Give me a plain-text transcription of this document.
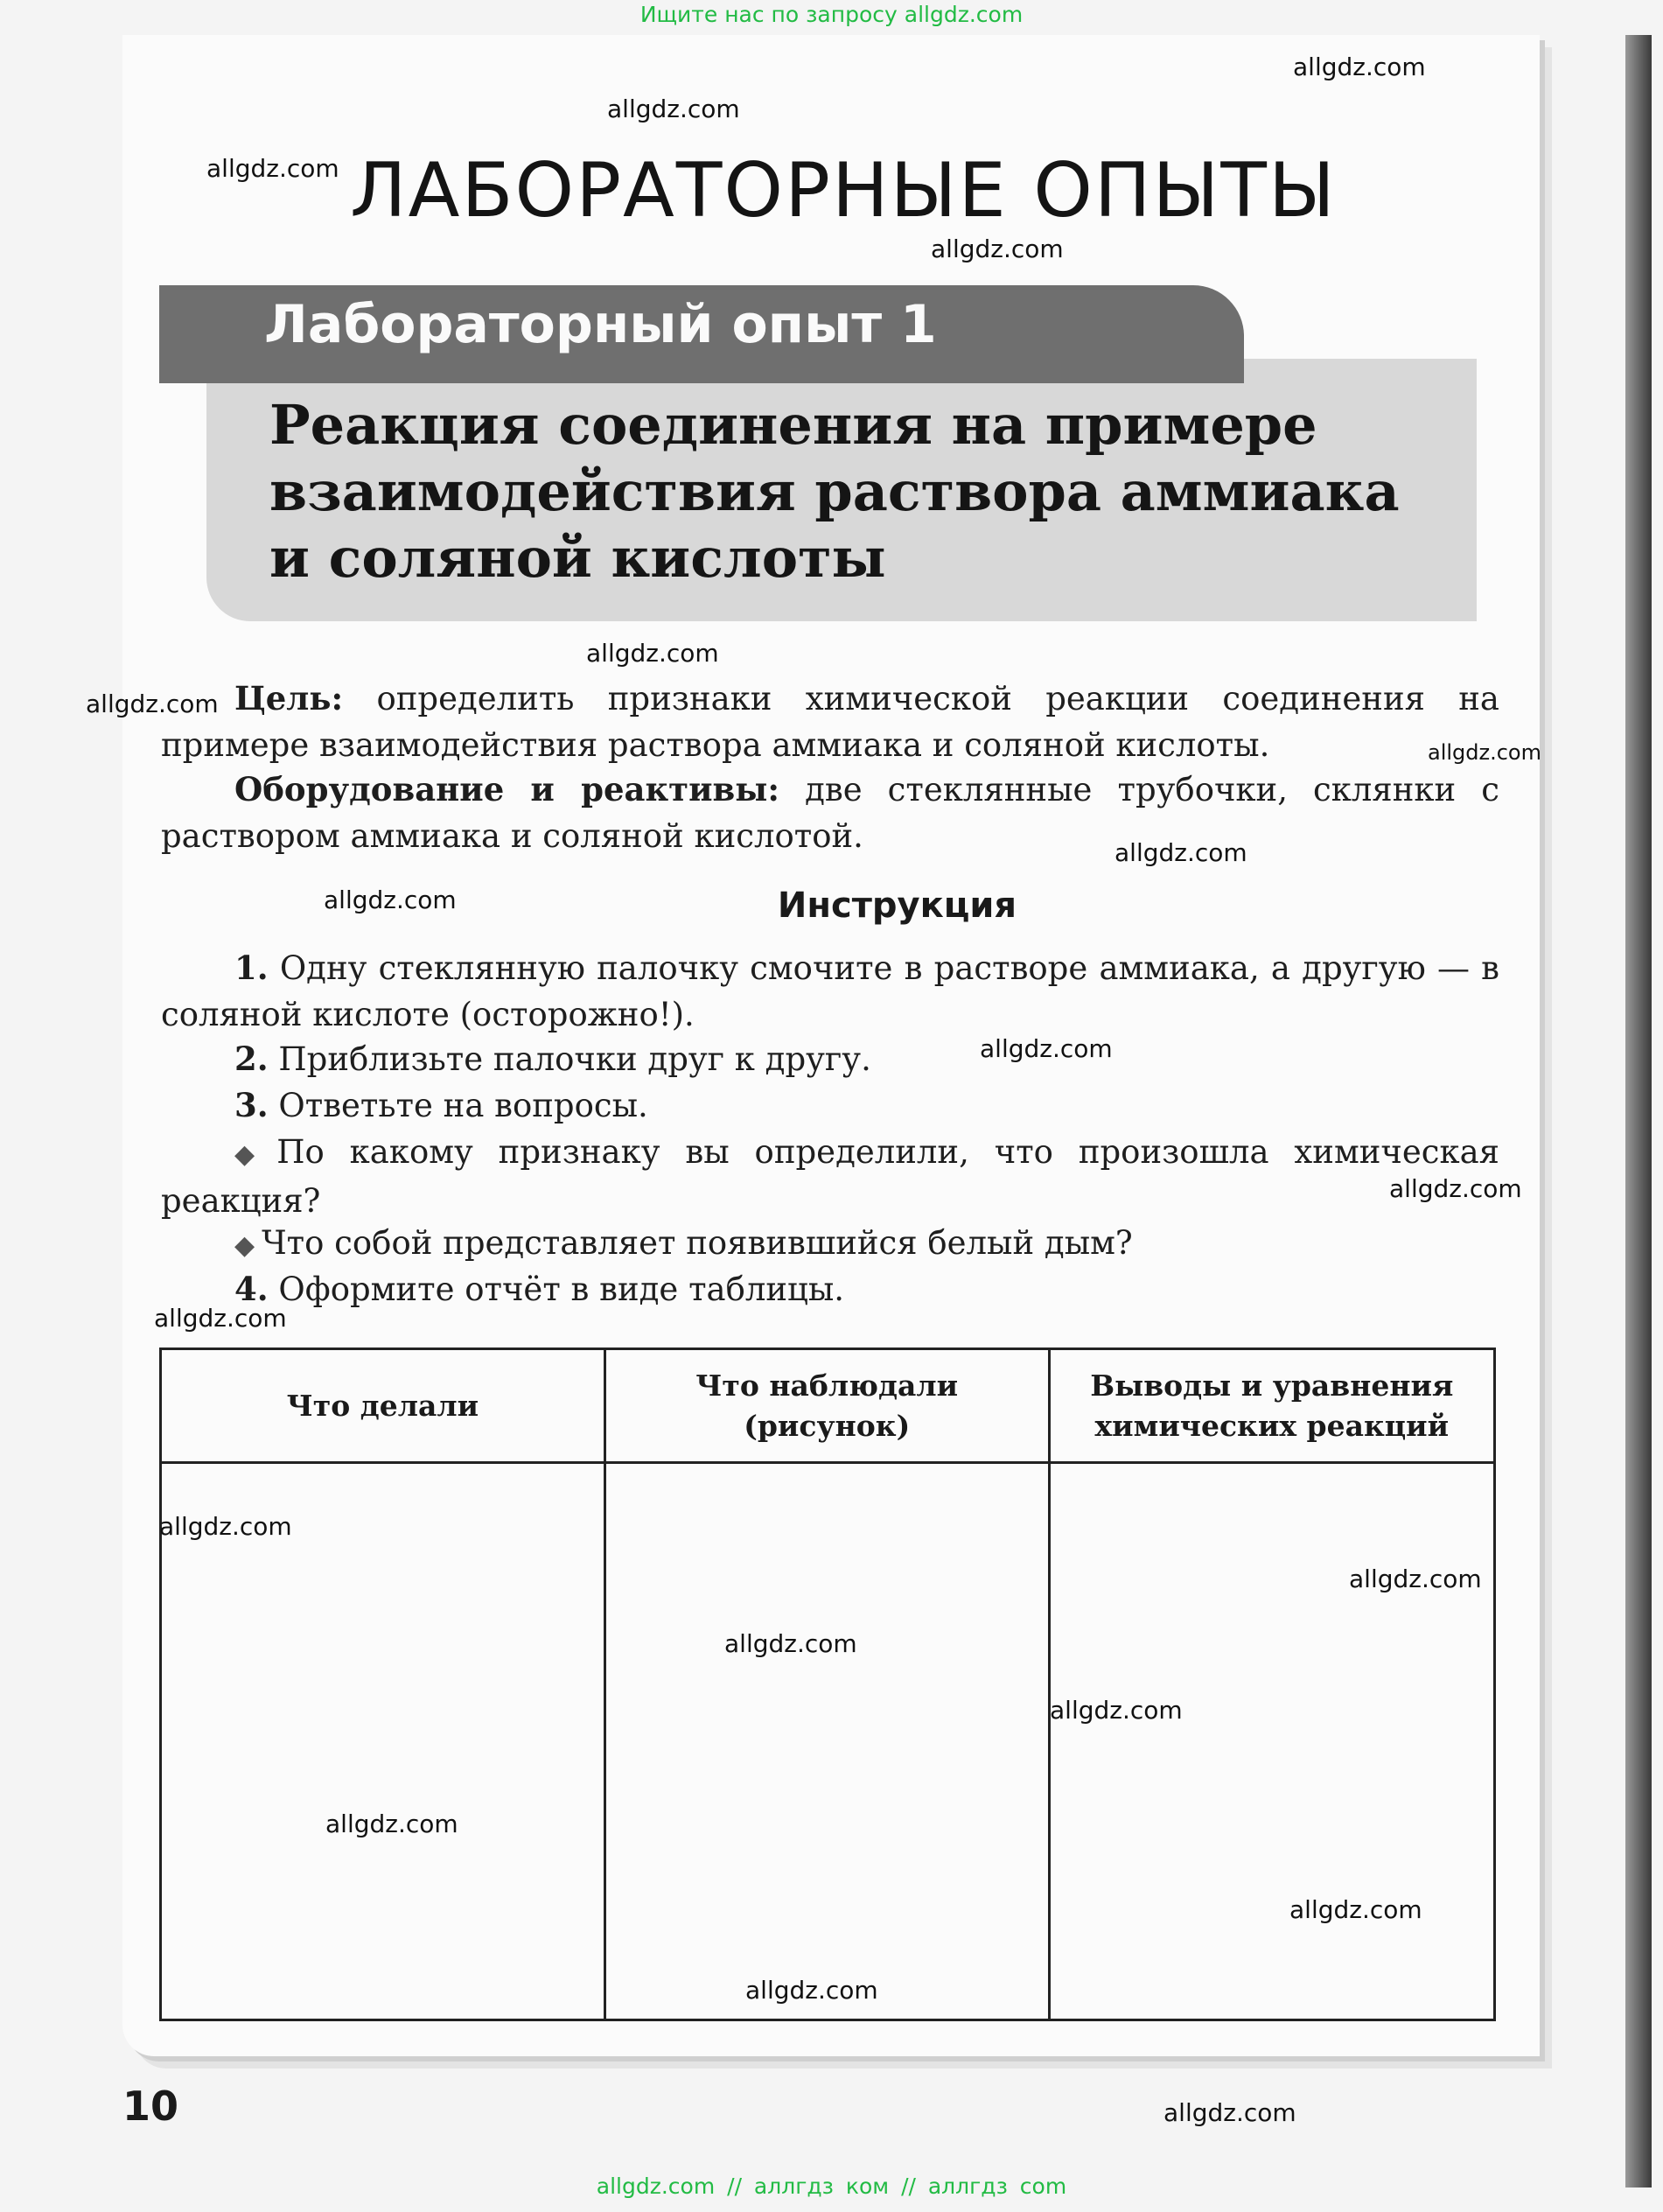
Ищите нас по запросу allgdz.com
ЛАБОРАТОРНЫЕ ОПЫТЫ
Лабораторный опыт 1
Реакция соединения на примере
взаимодействия раствора аммиака
и соляной кислоты
Цель: определить признаки химической реакции соединения на примере взаимодействия раствора аммиака и соляной кислоты.
Оборудование и реактивы: две стеклянные трубочки, склянки с раствором аммиака и соляной кислотой.
Инструкция
1. Одну стеклянную палочку смочите в растворе аммиака, а другую — в соляной кислоте (осторожно!).
2. Приблизьте палочки друг к другу.
3. Ответьте на вопросы.
◆ По какому признаку вы определили, что произошла химическая реакция?
◆ Что собой представляет появившийся белый дым?
4. Оформите отчёт в виде таблицы.
Что делали	Что наблюдали (рисунок)	Выводы и уравнения химических реакций

10
allgdz.com
allgdz.com
allgdz.com
allgdz.com
allgdz.com
allgdz.com
allgdz.com
allgdz.com
allgdz.com
allgdz.com
allgdz.com
allgdz.com
allgdz.com
allgdz.com
allgdz.com
allgdz.com
allgdz.com
allgdz.com
allgdz.com
allgdz.com
allgdz.com // аллгдз ком // аллгдз com
